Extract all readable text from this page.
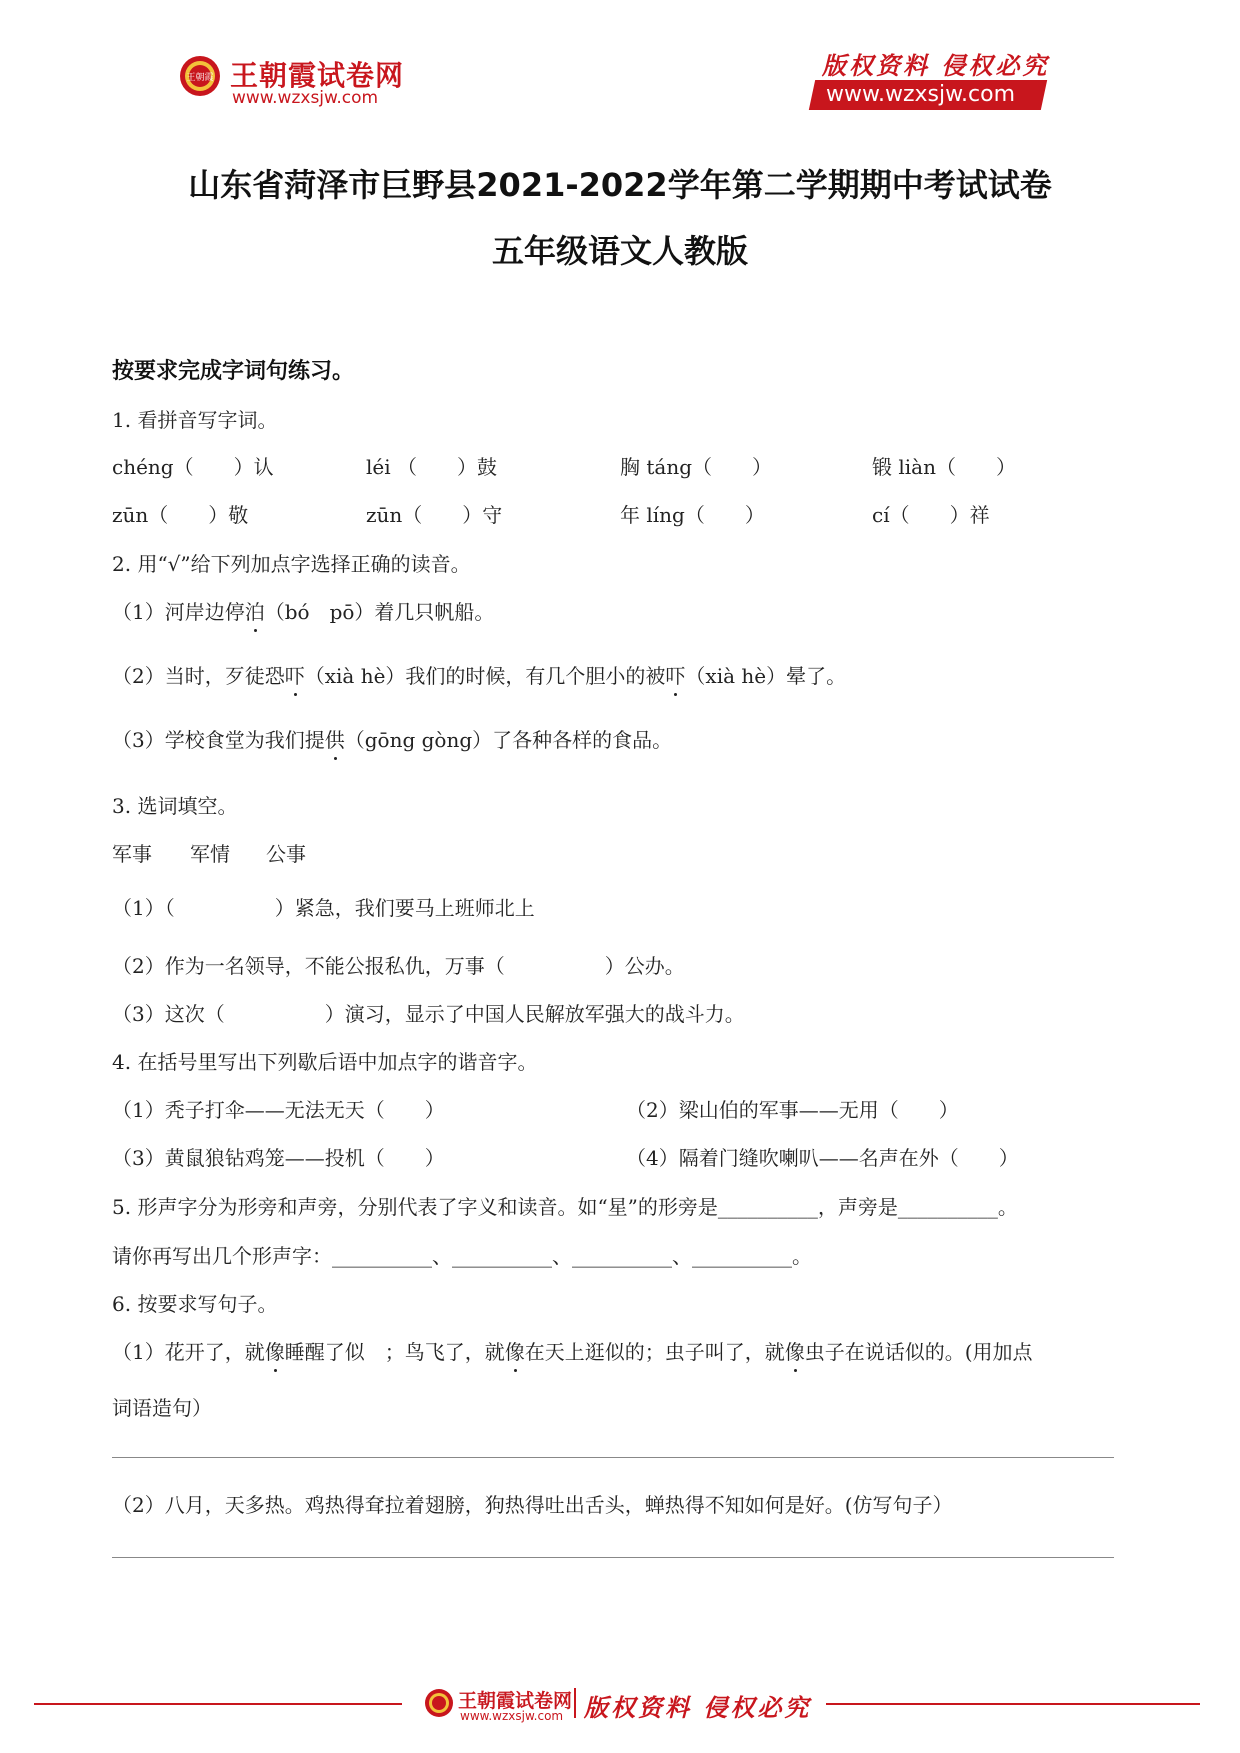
王朝霞 王朝霞试卷网
www.wzxsjw.com
版权资料 侵权必究
www.wzxsjw.com
山东省菏泽市巨野县2021-2022学年第二学期期中考试试卷
五年级语文人教版
按要求完成字词句练习。
1. 看拼音写字词。
chéng（　　）认	léi （　　）鼓	胸 táng（　　）	锻 liàn（　　）
zūn（　　）敬	zūn（　　）守	年 líng（　　）	cí（　　）祥
2. 用“√”给下列加点字选择正确的读音。
（1）河岸边停泊（bó　pō）着几只帆船。
（2）当时，歹徒恐吓（xià hè）我们的时候，有几个胆小的被吓（xià hè）晕了。
（3）学校食堂为我们提供（gōng gòng）了各种各样的食品。
3. 选词填空。
军事 军情 公事
（1）（　　　　　）紧急，我们要马上班师北上
（2）作为一名领导，不能公报私仇，万事（　　　　　）公办。
（3）这次（　　　　　）演习，显示了中国人民解放军强大的战斗力。
4. 在括号里写出下列歇后语中加点字的谐音字。
（1）秃子打伞——无法无天（　　）	（2）梁山伯的军事——无用（　　）
（3）黄鼠狼钻鸡笼——投机（　　）	（4）隔着门缝吹喇叭——名声在外（　　）
5. 形声字分为形旁和声旁，分别代表了字义和读音。如“星”的形旁是__________，声旁是__________。
请你再写出几个形声字：__________、__________、__________、__________。
6. 按要求写句子。
（1）花开了，就像睡醒了似　；鸟飞了，就像在天上逛似的；虫子叫了，就像虫子在说话似的。(用加点
词语造句）
（2）八月，天多热。鸡热得耷拉着翅膀，狗热得吐出舌头，蝉热得不知如何是好。(仿写句子）
王朝霞试卷网
www.wzxsjw.com 版权资料 侵权必究
